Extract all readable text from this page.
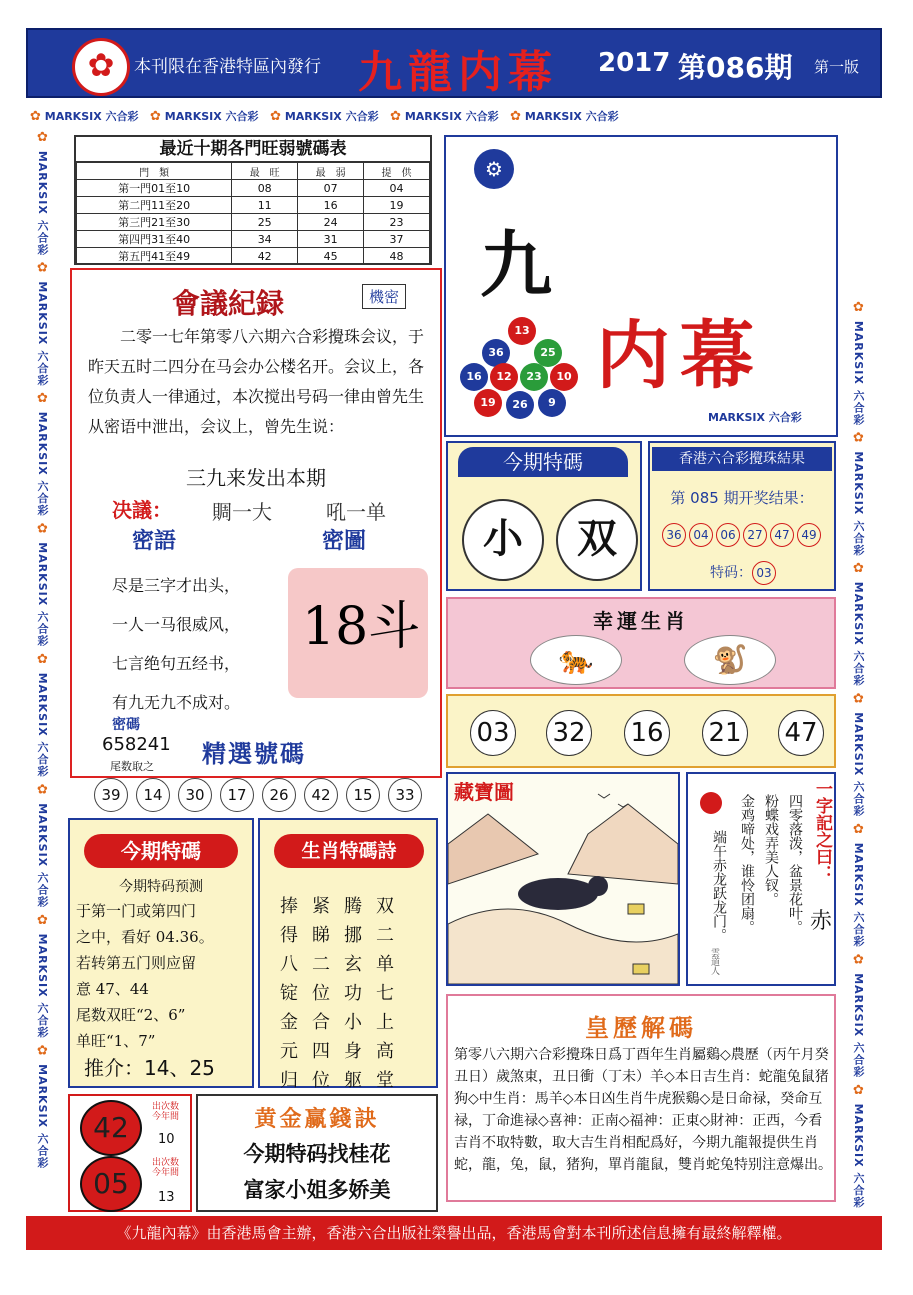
✿
本刊限在香港特區內發行 九龍内幕 2017 第086期 第一版
✿ MARKSIX 六合彩 ✿ MARKSIX 六合彩 ✿ MARKSIX 六合彩 ✿ MARKSIX 六合彩 ✿ MARKSIX 六合彩
✿ MARKSIX 六合彩 ✿ MARKSIX 六合彩 ✿ MARKSIX 六合彩 ✿ MARKSIX 六合彩 ✿ MARKSIX 六合彩 ✿ MARKSIX 六合彩 ✿ MARKSIX 六合彩 ✿ MARKSIX 六合彩
✿ MARKSIX 六合彩 ✿ MARKSIX 六合彩 ✿ MARKSIX 六合彩 ✿ MARKSIX 六合彩 ✿ MARKSIX 六合彩 ✿ MARKSIX 六合彩 ✿ MARKSIX 六合彩
最近十期各門旺弱號碼表
門　類	最　旺	最　弱	提　供
第一門01至10	08	07	04
第二門11至20	11	16	19
第三門21至30	25	24	23
第四門31至40	34	31	37
第五門41至49	42	45	48
會議紀録	機密
二零一七年第零八六期六合彩攪珠会议，于昨天五时二四分在马会办公楼名开。会议上，各位负责人一律通过，本次搅出号码一律由曾先生从密语中泄出，会议上，曾先生说：
三九来发出本期
决議： 賙一大	吼一单
密語	密圖
尽是三字才出头，
一人一马很威风，
七言绝句五经书，
有九无九不成对。
18斗
密碼
658241
尾数取之 精選號碼
39 14 30 17 26 42 15 33
⚙
九
内幕
13
36	25
16	12	23	10
19	26	9
MARKSIX 六合彩
今期特碼
小	双
香港六合彩攪珠結果
第 085 期开奖结果：
36 04 06 27 47 49
特码： 03
幸運生肖
🐅	🐒
03 32 16 21 47
藏寶圖	一字記之曰：
四零落泼，盆景花叶。
粉蝶戏弄美人钗。
金鸡啼处，谁怜团扇。
端午赤龙跃龙门。	赤
雲道人
皇歷解碼
第零八六期六合彩攪珠日爲丁酉年生肖屬鷄◇農歷（丙午月癸丑日）歲煞東，丑日衝（丁未）羊◇本日吉生肖：蛇龍兔鼠猪狗◇中生肖：馬羊◇本日凶生肖牛虎猴鷄◇是日命禄，癸命互禄，丁命進禄◇喜神：正南◇福神：正東◇財神：正西，今看吉肖不取特數，取大吉生肖相配爲好，今期九龍報提供生肖蛇，龍，兔，鼠，猪狗，單肖龍鼠，雙肖蛇兔特别注意爆出。
今期特碼
今期特码预测
于第一门或第四门
之中，看好 04.36。
若转第五门则应留
意 47、44
尾数双旺“2、6”
单旺“1、7”
推介：14、25
生肖特碼詩
捧紧腾双
得睇挪二
八二玄单
锭位功七
金合小上
元四身高
归位躯堂
42
出次数
今年間
10
05
出次数
今年間
13
黄金赢錢訣
今期特码找桂花
富家小姐多娇美
《九龍內幕》由香港馬會主辦，香港六合出版社榮譽出品，香港馬會對本刊所述信息擁有最終解釋權。
